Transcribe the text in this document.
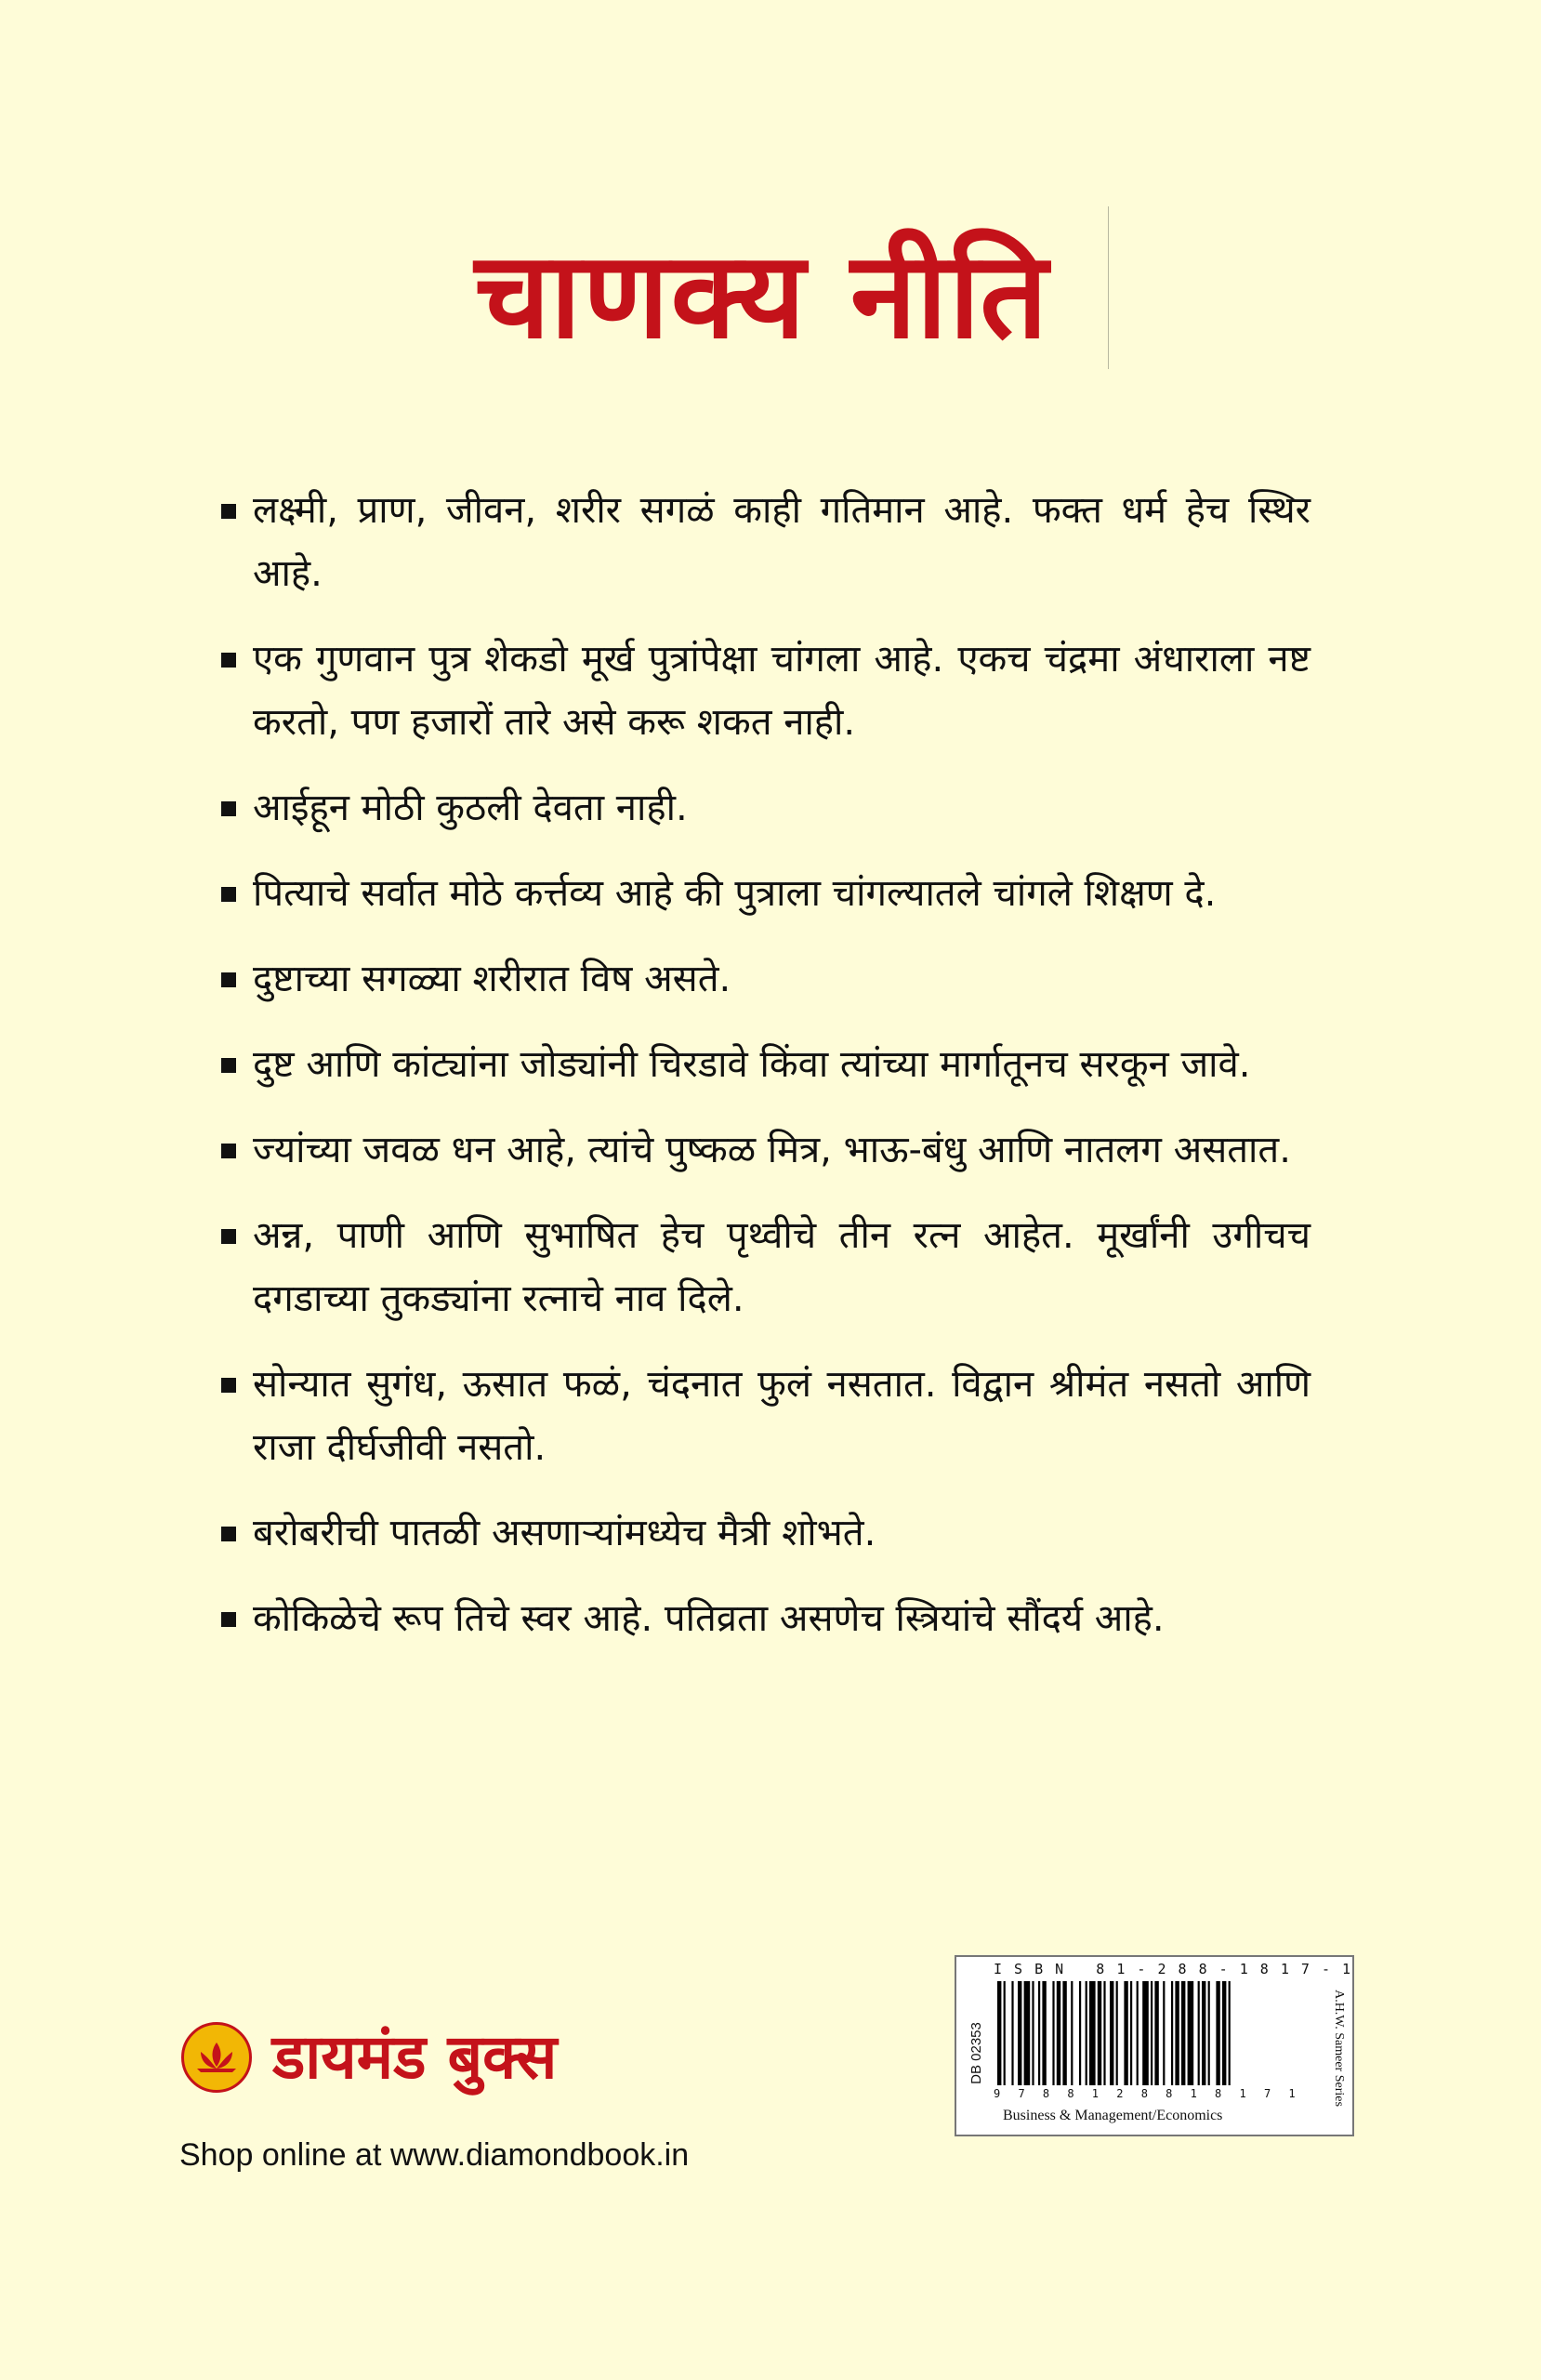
चाणक्य नीति
लक्ष्मी, प्राण, जीवन, शरीर सगळं काही गतिमान आहे. फक्त धर्म हेच स्थिर आहे.
एक गुणवान पुत्र शेकडो मूर्ख पुत्रांपेक्षा चांगला आहे. एकच चंद्रमा अंधाराला नष्ट करतो, पण हजारों तारे असे करू शकत नाही.
आईहून मोठी कुठली देवता नाही.
पित्याचे सर्वात मोठे कर्त्तव्य आहे की पुत्राला चांगल्यातले चांगले शिक्षण दे.
दुष्टाच्या सगळ्या शरीरात विष असते.
दुष्ट आणि कांट्यांना जोड्यांनी चिरडावे किंवा त्यांच्या मार्गातूनच सरकून जावे.
ज्यांच्या जवळ धन आहे, त्यांचे पुष्कळ मित्र, भाऊ-बंधु आणि नातलग असतात.
अन्न, पाणी आणि सुभाषित हेच पृथ्वीचे तीन रत्न आहेत. मूर्खांनी उगीचच दगडाच्या तुकड्यांना रत्नाचे नाव दिले.
सोन्यात सुगंध, ऊसात फळं, चंदनात फुलं नसतात. विद्वान श्रीमंत नसतो आणि राजा दीर्घजीवी नसतो.
बरोबरीची पातळी असणाऱ्यांमध्येच मैत्री शोभते.
कोकिळेचे रूप तिचे स्वर आहे. पतिव्रता असणेच स्त्रियांचे सौंदर्य आहे.
डायमंड बुक्स
Shop online at www.diamondbook.in
I S B N   8 1 - 2 8 8 - 1 8 1 7 - 1
DB 02353	A.H.W. Sameer Series
9 7 8 8 1 2 8 8 1 8 1 7 1
Business & Management/Economics
